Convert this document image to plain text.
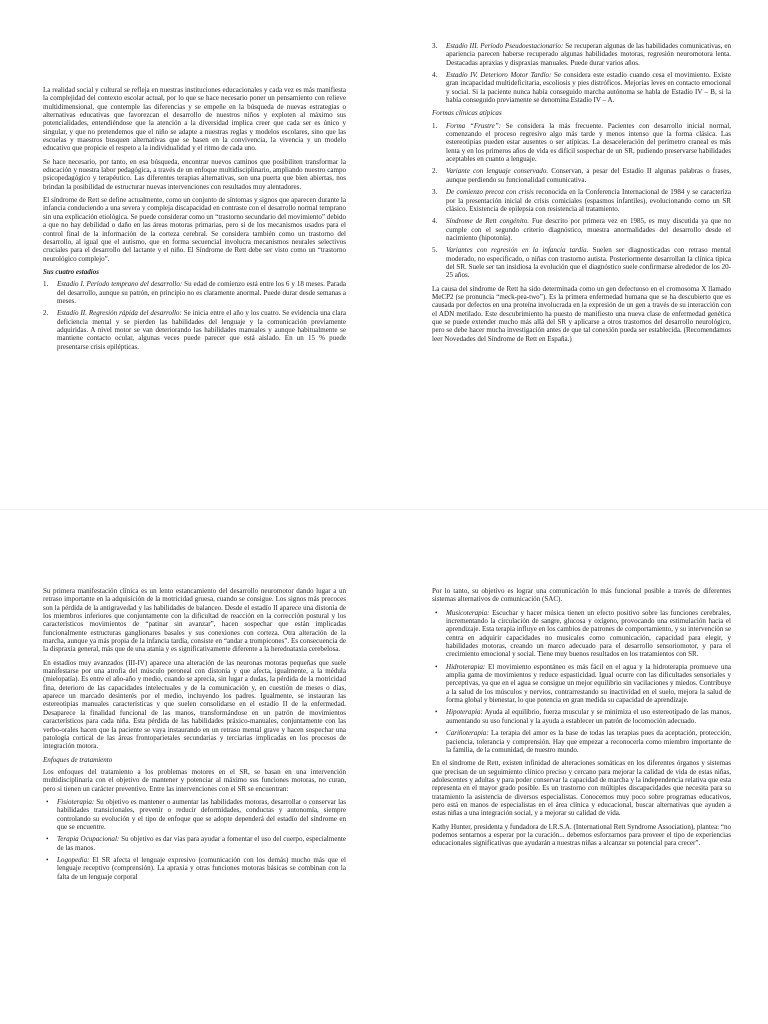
La realidad social y cultural se refleja en nuestras instituciones educacionales y cada vez es más manifiesta la complejidad del contexto escolar actual, por lo que se hace necesario poner un pensamiento con relieve multidimensional, que contemple las diferencias y se empeñe en la búsqueda de nuevas estrategias o alternativas educativas que favorezcan el desarrollo de nuestros niños y exploten al máximo sus potencialidades, entendiéndose que la atención a la diversidad implica creer que cada ser es único y singular, y que no pretendemos que el niño se adapte a nuestras reglas y modelos escolares, sino que las escuelas y maestros busquen alternativas que se basen en la convivencia, la vivencia y un modelo educativo que propicie el respeto a la individualidad y el ritmo de cada uno.

Se hace necesario, por tanto, en esa búsqueda, encontrar nuevos caminos que posibiliten transformar la educación y nuestra labor pedagógica, a través de un enfoque multidisciplinario, ampliando nuestro campo psicopedagógico y terapéutico. Las diferentes terapias alternativas, son una puerta que bien abiertas, nos brindan la posibilidad de estructurar nuevas intervenciones con resultados muy alentadores.

El síndrome de Rett se define actualmente, como un conjunto de síntomas y signos que aparecen durante la infancia conduciendo a una severa y compleja discapacidad en contraste con el desarrollo normal temprano sin una explicación etiológica. Se puede considerar como un “trastorno secundario del movimiento” debido a que no hay debilidad o daño en las áreas motoras primarias, pero si de los mecanismos usados para el control final de la información de la corteza cerebral. Se considera también como un trastorno del desarrollo, al igual que el autismo, que en forma secuencial involucra mecanismos neurales selectivos cruciales para el desarrollo del lactante y el niño. El Síndrome de Rett debe ser visto como un “trastorno neurológico complejo”.

Sus cuatro estadíos
1. Estadío I. Período temprano del desarrollo: Su edad de comienzo está entre los 6 y 18 meses. Parada del desarrollo, aunque su patrón, en principio no es claramente anormal. Puede durar desde semanas a meses.
2. Estadío II. Regresión rápida del desarrollo: Se inicia entre el año y los cuatro. Se evidencia una clara deficiencia mental y se pierden las habilidades del lenguaje y la comunicación previamente adquiridas. A nivel motor se van deteriorando las habilidades manuales y aunque habitualmente se mantiene contacto ocular, algunas veces puede parecer que está aislado. En un 15 % puede presentarse crisis epilépticas.
3. Estadío III. Período Pseudoestacionario: Se recuperan algunas de las habilidades comunicativas, en apariencia parecen haberse recuperado algunas habilidades motoras, regresión neuromotora lenta. Destacadas apraxias y dispraxias manuales. Puede durar varios años.
4. Estadío IV. Deterioro Motor Tardío: Se considera este estadío cuando cesa el movimiento. Existe gran incapacidad multideficitaria, escoliosis y pies distróficos. Mejorías leves en contacto emocional y social. Si la paciente nunca había conseguido marcha autónoma se habla de Estadío IV – B, si la había conseguido previamente se denomina Estadío IV – A.
Formas clínicas atípicas
1. Forma “Frustre”: Se considera la más frecuente. Pacientes con desarrollo inicial normal, comenzando el proceso regresivo algo más tarde y menos intenso que la forma clásica. Las estereotipias pueden estar ausentes o ser atípicas. La desaceleración del perímetro craneal es más lenta y en los primeros años de vida es difícil sospechar de un SR, pudiendo preservarse habilidades aceptables en cuanto a lenguaje.
2. Variante con lenguaje conservado. Conservan, a pesar del Estadío II algunas palabras o frases, aunque perdiendo su funcionalidad comunicativa.
3. De comienzo precoz con crisis reconocida en la Conferencia Internacional de 1984 y se caracteriza por la presentación inicial de crisis comiciales (espasmos infantiles), evolucionando como un SR clásico. Existencia de epilepsia con resistencia al tratamiento.
4. Síndrome de Rett congénito. Fue descrito por primera vez en 1985, es muy discutida ya que no cumple con el segundo criterio diagnóstico, muestra anormalidades del desarrollo desde el nacimiento (hipotonía).
5. Variantes con regresión en la infancia tardía. Suelen ser diagnosticadas con retraso mental moderado, no especificado, o niñas con trastorno autista. Posteriormente desarrollan la clínica típica del SR. Suele ser tan insidiosa la evolución que el diagnóstico suele confirmarse alrededor de los 20-25 años.

La causa del síndrome de Rett ha sido determinada como un gen defectuoso en el cromosoma X llamado MeCP2 (se pronuncia “meck-pea-two”). Es la primera enfermedad humana que se ha descubierto que es causada por defectos en una proteína involucrada en la expresión de un gen a través de su interacción con el ADN metilado. Este descubrimiento ha puesto de manifiesto una nueva clase de enfermedad genética que se puede extender mucho más allá del SR y aplicarse a otros trastornos del desarrollo neurológico, pero se debe hacer mucha investigación antes de que tal conexión pueda ser establecida. (Recomendamos leer Novedades del Síndrome de Rett en España.)

Su primera manifestación clínica es un lento estancamiento del desarrollo neuromotor dando lugar a un retraso importante en la adquisición de la motricidad gruesa, cuando se consigue. Los signos más precoces son la pérdida de la antigravedad y las habilidades de balanceo. Desde el estadío II aparece una distonía de los miembros inferiores que conjuntamente con la dificultad de reacción en la corrección postural y los característicos movimientos de “patinar sin avanzar”, hacen sospechar que están implicadas funcionalmente estructuras ganglionares basales y sus conexiones con corteza. Otra alteración de la marcha, aunque ya más propia de la infancia tardía, consiste en “andar a trompicones”. Es consecuencia de la dispraxia general, más que de una atania y es significativamente diferente a la heredoataxia cerebelosa.

En estadíos muy avanzados (III-IV) aparece una alteración de las neuronas motoras pequeñas que suele manifestarse por una atrofia del músculo peroneal con distonía y que afecta, igualmente, a la médula (mielopatía). Es entre el año-año y medio, cuando se aprecia, sin lugar a dudas, la pérdida de la motricidad fina, deterioro de las capacidades intelectuales y de la comunicación y, en cuestión de meses o días, aparece un marcado desinterés por el medio, incluyendo los padres. Igualmente, se instauran las estereotipias manuales características y que suelen consolidarse en el estadío II de la enfermedad. Desaparece la finalidad funcional de las manos, transformándose en un patrón de movimientos característicos para cada niña. Esta pérdida de las habilidades práxico-manuales, conjuntamente con las verbo-orales hacen que la paciente se vaya instaurando en un retraso mental grave y hacen sospechar una patología cortical de las áreas frontoparietales secundarias y terciarias implicadas en los procesos de integración motora.

Enfoques de tratamiento

Los enfoques del tratamiento a los problemas motores en el SR, se basan en una intervención multidisciplinaria con el objetivo de mantener y potenciar al máximo sus funciones motoras, no curan, pero si tienen un carácter preventivo. Entre las intervenciones con el SR se encuentran:

• Fisioterapia: Su objetivo es mantener o aumentar las habilidades motoras, desarrollar o conservar las habilidades transicionales, prevenir o reducir deformidades, conductas y autonomía, siempre controlando su evolución y el tipo de enfoque que se adopte dependerá del estadío del síndrome en que se encuentre.
• Terapia Ocupacional: Su objetivo es dar vías para ayudar a fomentar el uso del cuerpo, especialmente de las manos.
• Logopedia: El SR afecta el lenguaje expresivo (comunicación con los demás) mucho más que el lenguaje receptivo (comprensión). La apraxia y otras funciones motoras básicas se combinan con la falta de un lenguaje corporal

Por lo tanto, su objetivo es lograr una comunicación lo más funcional posible a través de diferentes sistemas alternativos de comunicación (SAC).

• Musicoterapia: Escuchar y hacer música tienen un efecto positivo sobre las funciones cerebrales, incrementando la circulación de sangre, glucosa y oxígeno, provocando una estimulación hacia el aprendizaje. Esta terapia influye en los cambios de patrones de comportamiento, y su intervención se centra en adquirir capacidades no musicales como comunicación, capacidad para elegir, y habilidades motoras, creando un marco adecuado para el desarrollo sensoriomotor, y para el crecimiento emocional y social. Tiene muy buenos resultados en los tratamientos con SR.
• Hidroterapia: El movimiento espontáneo es más fácil en el agua y la hidroterapia promueve una amplia gama de movimientos y reduce espasticidad. Igual ocurre con las dificultades sensoriales y perceptivas, ya que en el agua se consigue un mejor equilibrio sin vacilaciones y miedos. Contribuye a la salud de los músculos y nervios, contrarrestando su inactividad en el suelo, mejora la salud de forma global y bienestar, lo que potencia en gran medida su capacidad de aprendizaje.
• Hipoterapia: Ayuda al equilibrio, fuerza muscular y se minimiza el uso estereotipado de las manos, aumentando su uso funcional y la ayuda a establecer un patrón de locomoción adecuado.
• Cariñoterapia: La terapia del amor es la base de todas las terapias pues da aceptación, protección, paciencia, tolerancia y comprensión. Hay que empezar a reconocerla como miembro importante de la familia, de la comunidad, de nuestro mundo.

En el síndrome de Rett, existen infinidad de alteraciones somáticas en los diferentes órganos y sistemas que precisan de un seguimiento clínico preciso y cercano para mejorar la calidad de vida de estas niñas, adolescentes y adultas y para poder conservar la capacidad de marcha y la independencia relativa que esta representa en el mayor grado posible. Es un trastorno con múltiples discapacidades que necesita para su tratamiento la asistencia de diversos especialistas. Conocemos muy poco sobre programas educativos, pero está en manos de especialistas en el área clínica y educacional, buscar alternativas que ayuden a estas niñas a una integración social, y a mejorar su calidad de vida.

Kathy Hunter, presidenta y fundadora de I.R.S.A. (International Rett Syndrome Association), plantea: “no podemos sentarnos a esperar por la curación... debemos esforzarnos para proveer el tipo de experiencias educacionales significativas que ayudarán a nuestras niñas a alcanzar su potencial para crecer”.
